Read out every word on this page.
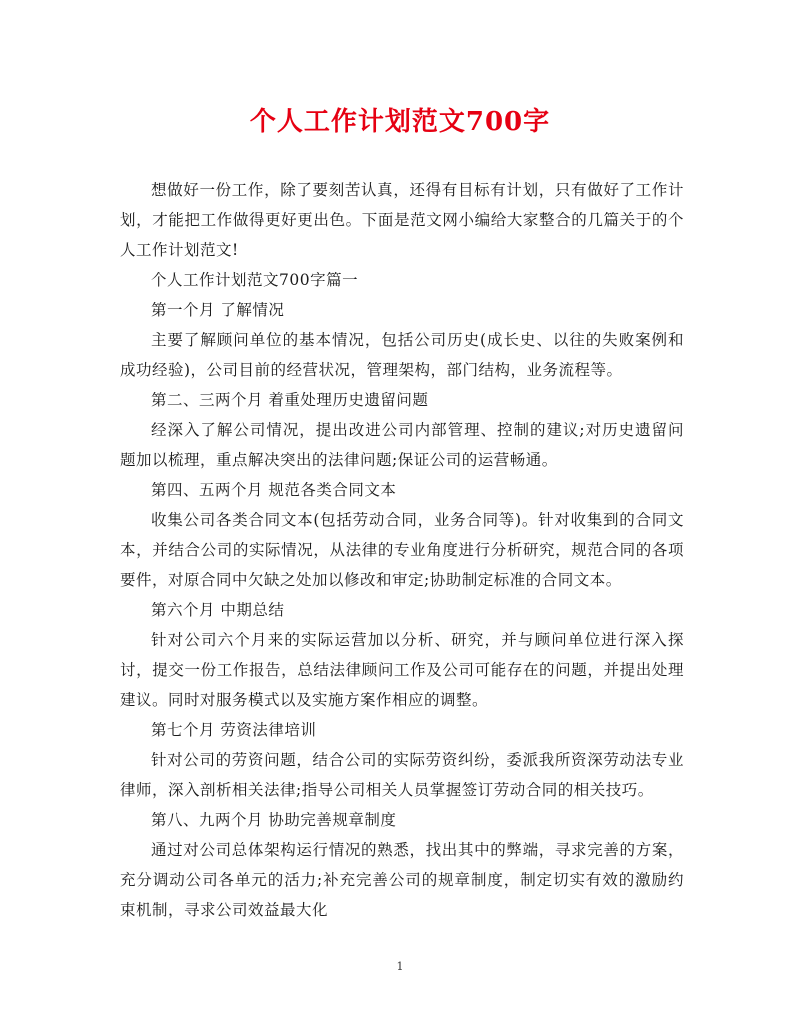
个人工作计划范文700字

想做好一份工作，除了要刻苦认真，还得有目标有计划，只有做好了工作计划，才能把工作做得更好更出色。下面是范文网小编给大家整合的几篇关于的个人工作计划范文!

个人工作计划范文700字篇一

第一个月 了解情况

主要了解顾问单位的基本情况，包括公司历史(成长史、以往的失败案例和成功经验)，公司目前的经营状况，管理架构，部门结构，业务流程等。

第二、三两个月 着重处理历史遗留问题

经深入了解公司情况，提出改进公司内部管理、控制的建议;对历史遗留问题加以梳理，重点解决突出的法律问题;保证公司的运营畅通。

第四、五两个月 规范各类合同文本

收集公司各类合同文本(包括劳动合同，业务合同等)。针对收集到的合同文本，并结合公司的实际情况，从法律的专业角度进行分析研究，规范合同的各项要件，对原合同中欠缺之处加以修改和审定;协助制定标准的合同文本。

第六个月 中期总结

针对公司六个月来的实际运营加以分析、研究，并与顾问单位进行深入探讨，提交一份工作报告，总结法律顾问工作及公司可能存在的问题，并提出处理建议。同时对服务模式以及实施方案作相应的调整。

第七个月 劳资法律培训

针对公司的劳资问题，结合公司的实际劳资纠纷，委派我所资深劳动法专业律师，深入剖析相关法律;指导公司相关人员掌握签订劳动合同的相关技巧。

第八、九两个月 协助完善规章制度

通过对公司总体架构运行情况的熟悉，找出其中的弊端，寻求完善的方案，充分调动公司各单元的活力;补充完善公司的规章制度，制定切实有效的激励约束机制，寻求公司效益最大化

1
